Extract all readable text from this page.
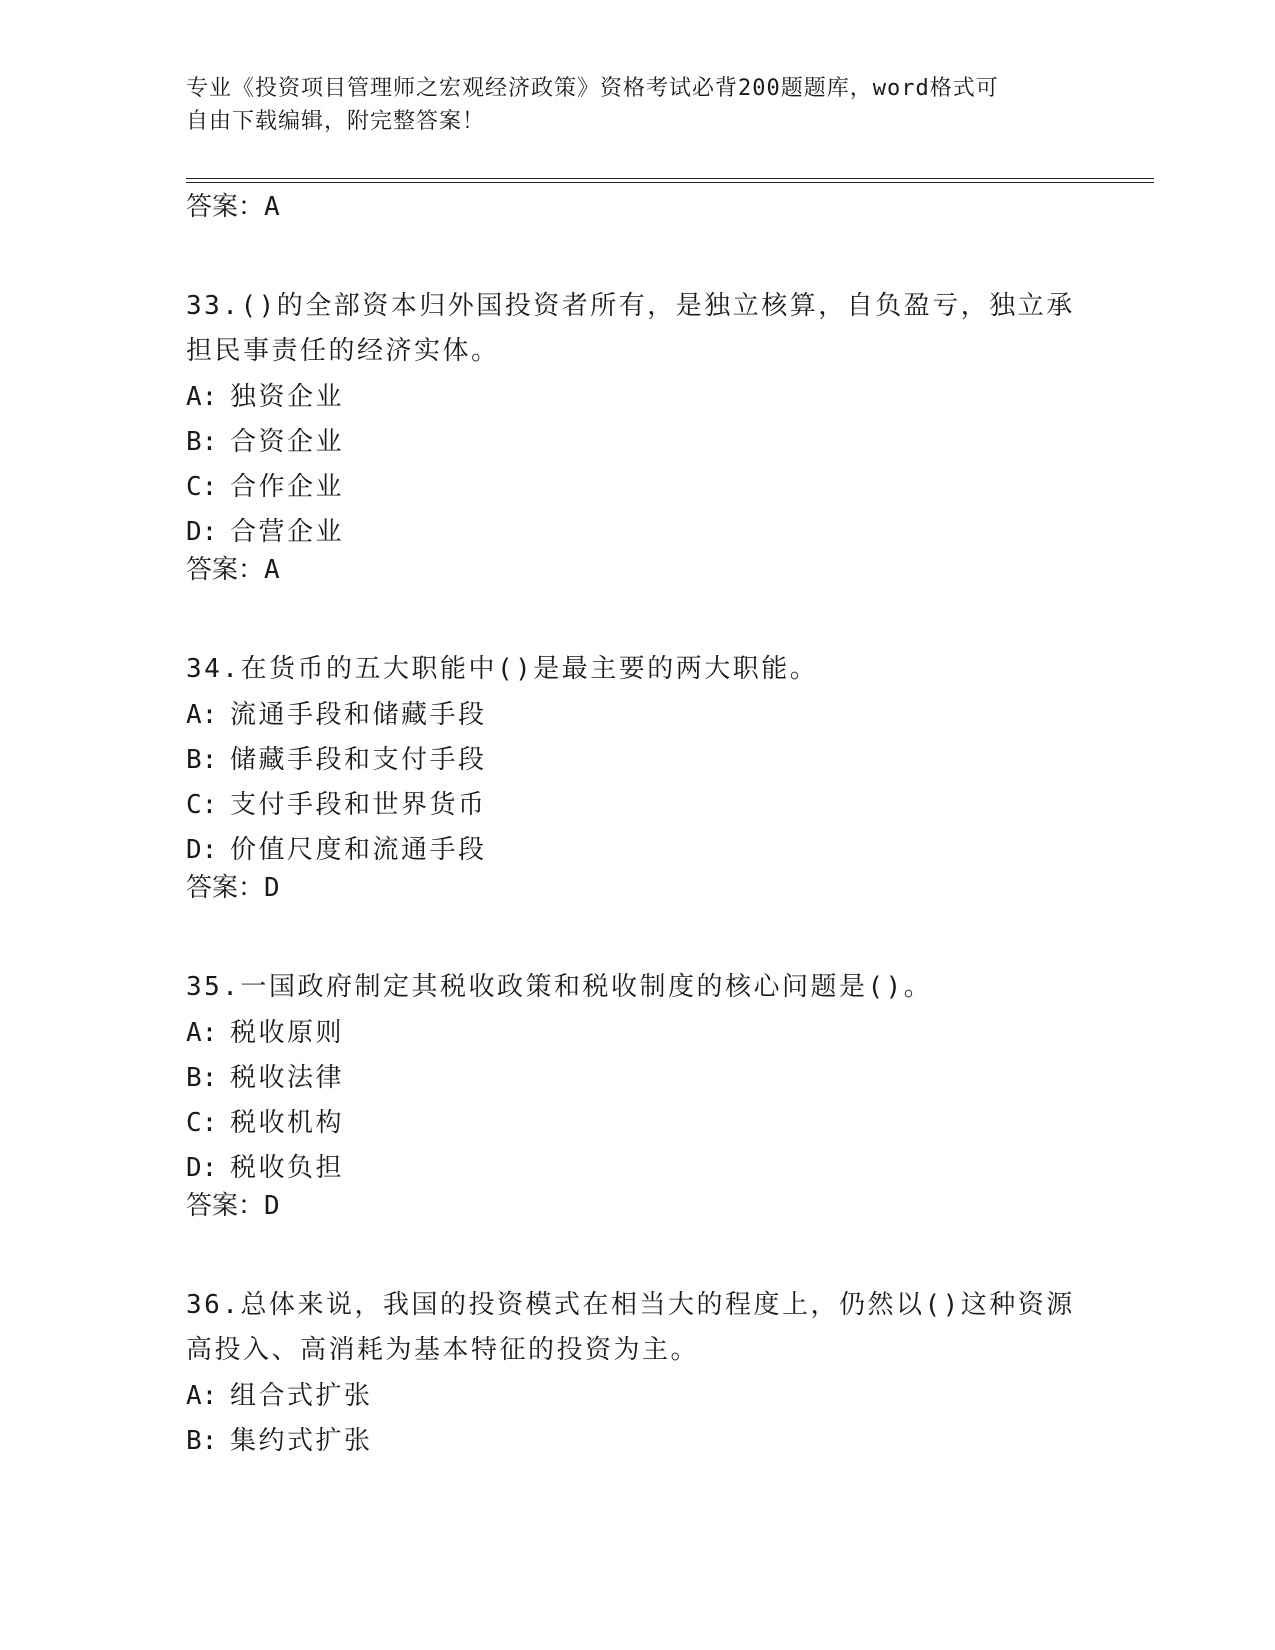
专业《投资项目管理师之宏观经济政策》资格考试必背200题题库，word格式可
自由下载编辑，附完整答案！
答案：A
33.()的全部资本归外国投资者所有，是独立核算，自负盈亏，独立承
担民事责任的经济实体。
A: 独资企业
B: 合资企业
C: 合作企业
D: 合营企业
答案：A
34.在货币的五大职能中()是最主要的两大职能。
A: 流通手段和储藏手段
B: 储藏手段和支付手段
C: 支付手段和世界货币
D: 价值尺度和流通手段
答案：D
35.一国政府制定其税收政策和税收制度的核心问题是()。
A: 税收原则
B: 税收法律
C: 税收机构
D: 税收负担
答案：D
36.总体来说，我国的投资模式在相当大的程度上，仍然以()这种资源
高投入、高消耗为基本特征的投资为主。
A: 组合式扩张
B: 集约式扩张
